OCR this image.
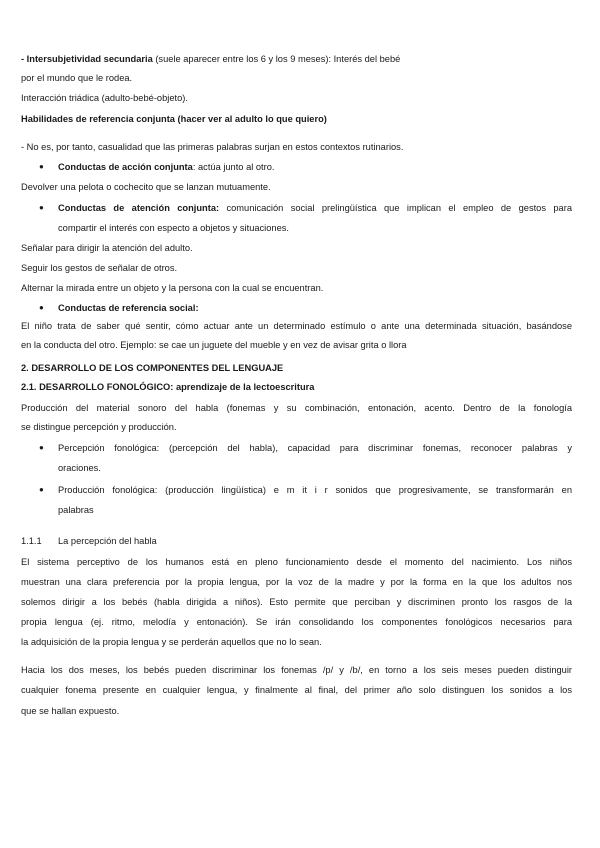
- Intersubjetividad secundaria (suele aparecer entre los 6 y los 9 meses): Interés del bebé
por el mundo que le rodea.
Interacción triádica (adulto-bebé-objeto).
Habilidades de referencia conjunta (hacer ver al adulto lo que quiero)
- No es, por tanto, casualidad que las primeras palabras surjan en estos contextos rutinarios.
● Conductas de acción conjunta: actúa junto al otro.
Devolver una pelota o cochecito que se lanzan mutuamente.
● Conductas de atención conjunta: comunicación social prelingüística que implican el empleo de gestos para
compartir el interés con especto a objetos y situaciones.
Señalar para dirigir la atención del adulto.
Seguir los gestos de señalar de otros.
Alternar la mirada entre un objeto y la persona con la cual se encuentran.
● Conductas de referencia social:
El niño trata de saber qué sentir, cómo actuar ante un determinado estímulo o ante una determinada situación, basándose
en la conducta del otro. Ejemplo: se cae un juguete del mueble y en vez de avisar grita o llora
2. DESARROLLO DE LOS COMPONENTES DEL LENGUAJE
2.1. DESARROLLO FONOLÓGICO: aprendizaje de la lectoescritura
Producción del material sonoro del habla (fonemas y su combinación, entonación, acento. Dentro de la fonología
se distingue percepción y producción.
● Percepción fonológica: (percepción del habla), capacidad para discriminar fonemas, reconocer palabras y
oraciones.
● Producción fonológica: (producción lingüística) e m it i r sonidos que progresivamente, se transformarán en
palabras
1.1.1 La percepción del habla
El sistema perceptivo de los humanos está en pleno funcionamiento desde el momento del nacimiento. Los niños
muestran una clara preferencia por la propia lengua, por la voz de la madre y por la forma en la que los adultos nos
solemos dirigir a los bebés (habla dirigida a niños). Esto permite que perciban y discriminen pronto los rasgos de la
propia lengua (ej. ritmo, melodía y entonación). Se irán consolidando los componentes fonológicos necesarios para
la adquisición de la propia lengua y se perderán aquellos que no lo sean.
Hacia los dos meses, los bebés pueden discriminar los fonemas /p/ y /b/, en torno a los seis meses pueden distinguir
cualquier fonema presente en cualquier lengua, y finalmente al final, del primer año solo distinguen los sonidos a los
que se hallan expuesto.
